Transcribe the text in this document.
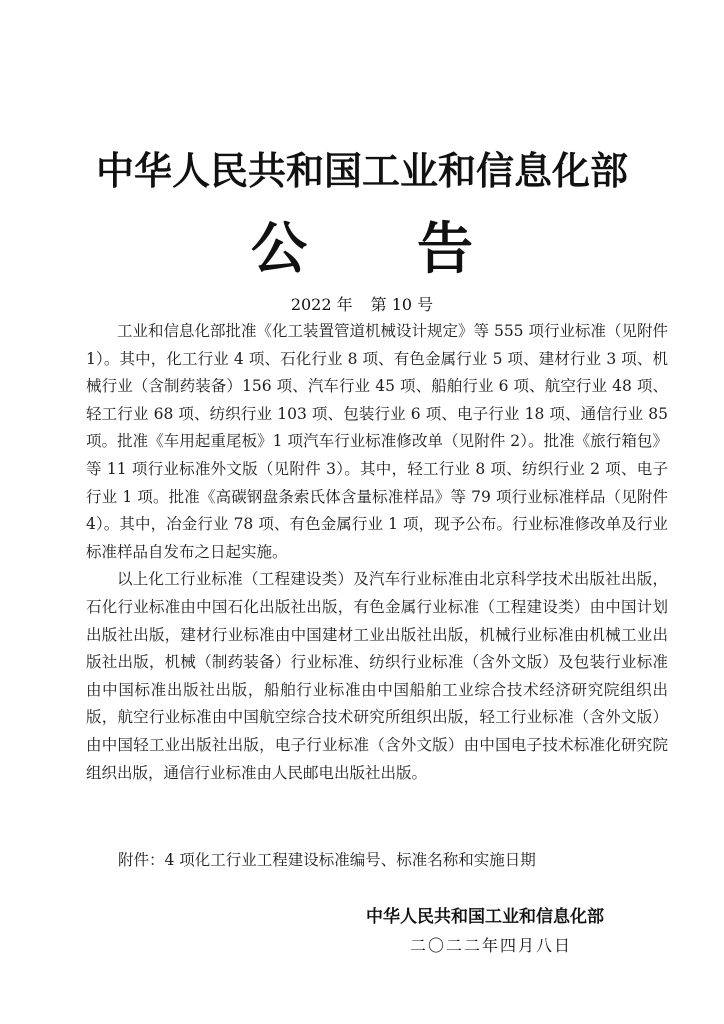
中华人民共和国工业和信息化部
公 告
2022 年 第 10 号

工业和信息化部批准《化工装置管道机械设计规定》等 555 项行业标准（见附件 1）。其中，化工行业 4 项、石化行业 8 项、有色金属行业 5 项、建材行业 3 项、机械行业（含制药装备）156 项、汽车行业 45 项、船舶行业 6 项、航空行业 48 项、轻工行业 68 项、纺织行业 103 项、包装行业 6 项、电子行业 18 项、通信行业 85 项。批准《车用起重尾板》1 项汽车行业标准修改单（见附件 2）。批准《旅行箱包》等 11 项行业标准外文版（见附件 3）。其中，轻工行业 8 项、纺织行业 2 项、电子行业 1 项。批准《高碳钢盘条索氏体含量标准样品》等 79 项行业标准样品（见附件 4）。其中，冶金行业 78 项、有色金属行业 1 项，现予公布。行业标准修改单及行业标准样品自发布之日起实施。

以上化工行业标准（工程建设类）及汽车行业标准由北京科学技术出版社出版，石化行业标准由中国石化出版社出版，有色金属行业标准（工程建设类）由中国计划出版社出版，建材行业标准由中国建材工业出版社出版，机械行业标准由机械工业出版社出版，机械（制药装备）行业标准、纺织行业标准（含外文版）及包装行业标准由中国标准出版社出版，船舶行业标准由中国船舶工业综合技术经济研究院组织出版，航空行业标准由中国航空综合技术研究所组织出版，轻工行业标准（含外文版）由中国轻工业出版社出版，电子行业标准（含外文版）由中国电子技术标准化研究院组织出版，通信行业标准由人民邮电出版社出版。

附件：4 项化工行业工程建设标准编号、标准名称和实施日期
中华人民共和国工业和信息化部
二〇二二年四月八日
